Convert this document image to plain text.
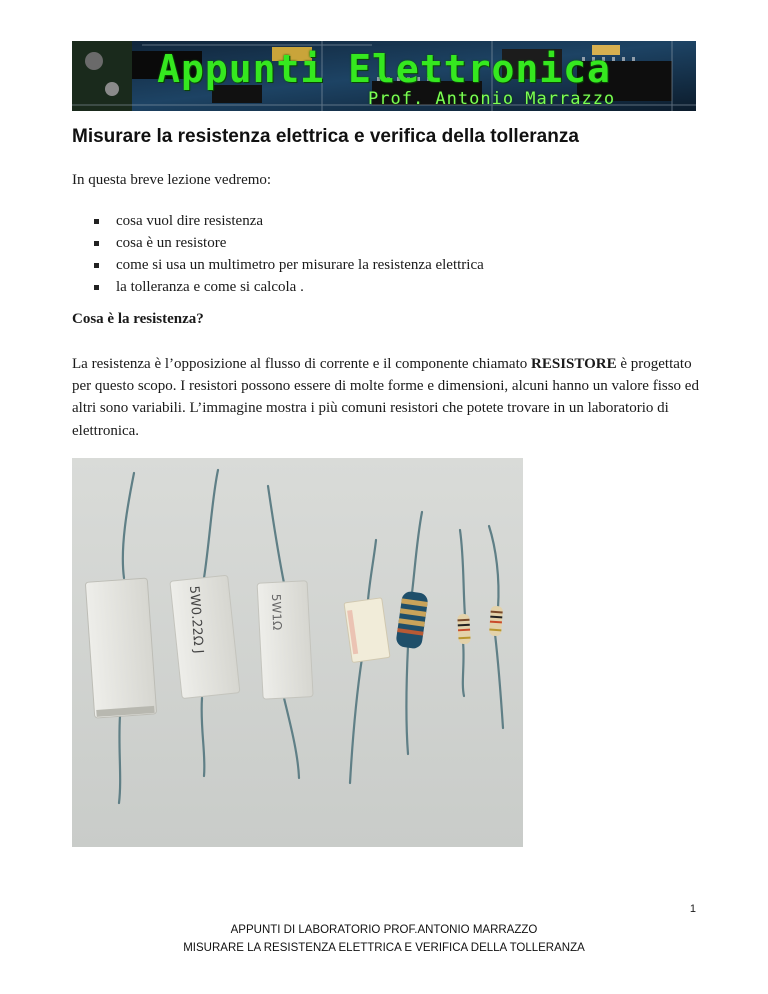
Appunti Elettronica
Prof. Antonio Marrazzo
Misurare la resistenza elettrica e verifica della tolleranza

In questa breve lezione vedremo:

cosa vuol dire resistenza
cosa è un resistore
come si usa un multimetro per misurare la resistenza elettrica
la tolleranza e come si calcola .
Cosa è la resistenza?

La resistenza è l’opposizione al flusso di corrente e il componente chiamato RESISTORE è progettato per questo scopo. I resistori possono essere di molte forme e dimensioni, alcuni hanno un valore fisso ed altri sono variabili. L’immagine mostra i più comuni resistori che potete trovare in un laboratorio di elettronica.

5W0.22Ω J	5W1Ω
1
APPUNTI DI LABORATORIO PROF.ANTONIO MARRAZZO
MISURARE LA RESISTENZA ELETTRICA E VERIFICA DELLA TOLLERANZA
